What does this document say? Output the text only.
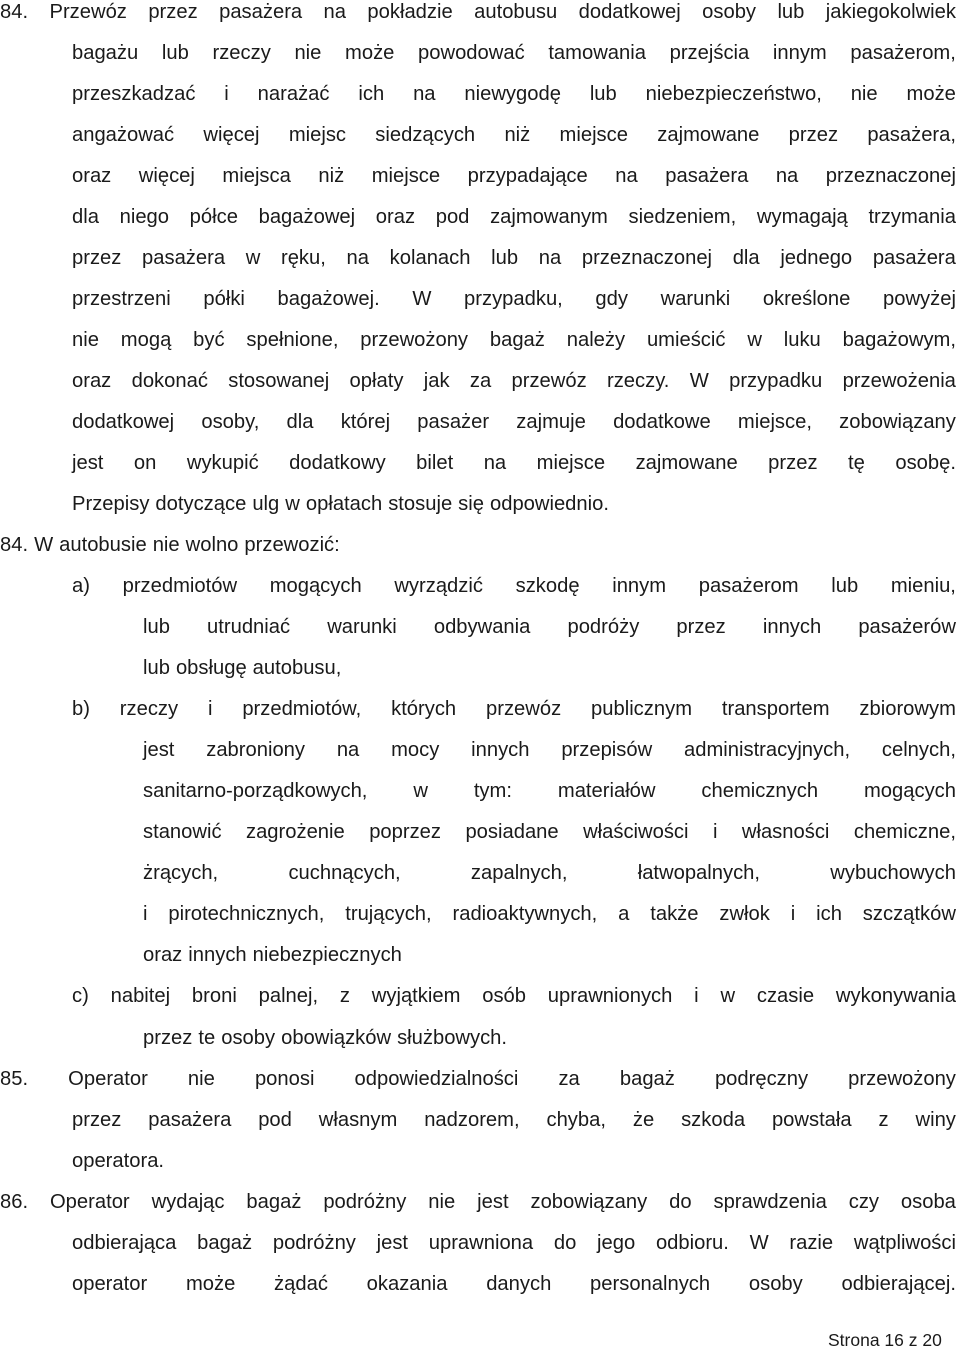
84. Przewóz przez pasażera na pokładzie autobusu dodatkowej osoby lub jakiegokolwiek
bagażu lub rzeczy nie może powodować tamowania przejścia innym pasażerom,
przeszkadzać i narażać ich na niewygodę lub niebezpieczeństwo, nie może
angażować więcej miejsc siedzących niż miejsce zajmowane przez pasażera,
oraz więcej miejsca niż miejsce przypadające na pasażera na przeznaczonej
dla niego półce bagażowej oraz pod zajmowanym siedzeniem, wymagają trzymania
przez pasażera w ręku, na kolanach lub na przeznaczonej dla jednego pasażera
przestrzeni półki bagażowej. W przypadku, gdy warunki określone powyżej
nie mogą być spełnione, przewożony bagaż należy umieścić w luku bagażowym,
oraz dokonać stosowanej opłaty jak za przewóz rzeczy. W przypadku przewożenia
dodatkowej osoby, dla której pasażer zajmuje dodatkowe miejsce, zobowiązany
jest on wykupić dodatkowy bilet na miejsce zajmowane przez tę osobę.
Przepisy dotyczące ulg w opłatach stosuje się odpowiednio.
84. W autobusie nie wolno przewozić:
a) przedmiotów mogących wyrządzić szkodę innym pasażerom lub mieniu,
lub utrudniać warunki odbywania podróży przez innych pasażerów
lub obsługę autobusu,
b) rzeczy i przedmiotów, których przewóz publicznym transportem zbiorowym
jest zabroniony na mocy innych przepisów administracyjnych, celnych,
sanitarno-porządkowych, w tym: materiałów chemicznych mogących
stanowić zagrożenie poprzez posiadane właściwości i własności chemiczne,
żrących,	cuchnących,	zapalnych,	łatwopalnych,	wybuchowych
i pirotechnicznych, trujących, radioaktywnych, a także zwłok i ich szczątków
oraz innych niebezpiecznych
c) nabitej broni palnej, z wyjątkiem osób uprawnionych i w czasie wykonywania
przez te osoby obowiązków służbowych.
85. Operator nie ponosi odpowiedzialności za bagaż podręczny przewożony
przez pasażera pod własnym nadzorem, chyba, że szkoda powstała z winy
operatora.
86. Operator wydając bagaż podróżny nie jest zobowiązany do sprawdzenia czy osoba
odbierająca bagaż podróżny jest uprawniona do jego odbioru. W razie wątpliwości
operator może żądać okazania danych personalnych osoby odbierającej.
Strona 16 z 20
